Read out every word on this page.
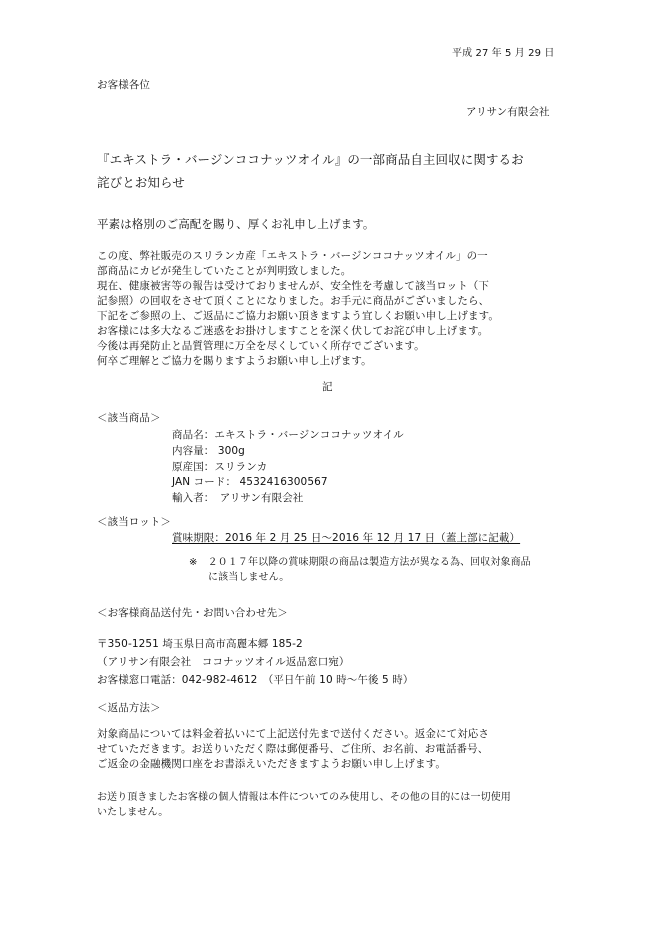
平成 27 年 5 月 29 日
お客様各位
アリサン有限会社
『エキストラ・バージンココナッツオイル』の一部商品自主回収に関するお
詫びとお知らせ
平素は格別のご高配を賜り、厚くお礼申し上げます。
この度、弊社販売のスリランカ産「エキストラ・バージンココナッツオイル」の一
部商品にカビが発生していたことが判明致しました。
現在、健康被害等の報告は受けておりませんが、安全性を考慮して該当ロット（下
記参照）の回収をさせて頂くことになりました。お手元に商品がございましたら、
下記をご参照の上、ご返品にご協力お願い頂きますよう宜しくお願い申し上げます。
お客様には多大なるご迷惑をお掛けしますことを深く伏してお詫び申し上げます。
今後は再発防止と品質管理に万全を尽くしていく所存でございます。
何卒ご理解とご協力を賜りますようお願い申し上げます。
記
＜該当商品＞
商品名：エキストラ・バージンココナッツオイル
内容量： 300g
原産国：スリランカ
JAN コード： 4532416300567
輸入者：　アリサン有限会社
＜該当ロット＞
賞味期限：2016 年 2 月 25 日～2016 年 12 月 17 日（蓋上部に記載）
※　２０１７年以降の賞味期限の商品は製造方法が異なる為、回収対象商品
に該当しません。
＜お客様商品送付先・お問い合わせ先＞
〒350-1251 埼玉県日高市高麗本郷 185-2
（アリサン有限会社　ココナッツオイル返品窓口宛）
お客様窓口電話：042-982-4612　（平日午前 10 時～午後 5 時）
＜返品方法＞
対象商品については料金着払いにて上記送付先まで送付ください。返金にて対応さ
せていただきます。お送りいただく際は郵便番号、ご住所、お名前、お電話番号、
ご返金の金融機関口座をお書添えいただきますようお願い申し上げます。
お送り頂きましたお客様の個人情報は本件についてのみ使用し、その他の目的には一切使用
いたしません。
